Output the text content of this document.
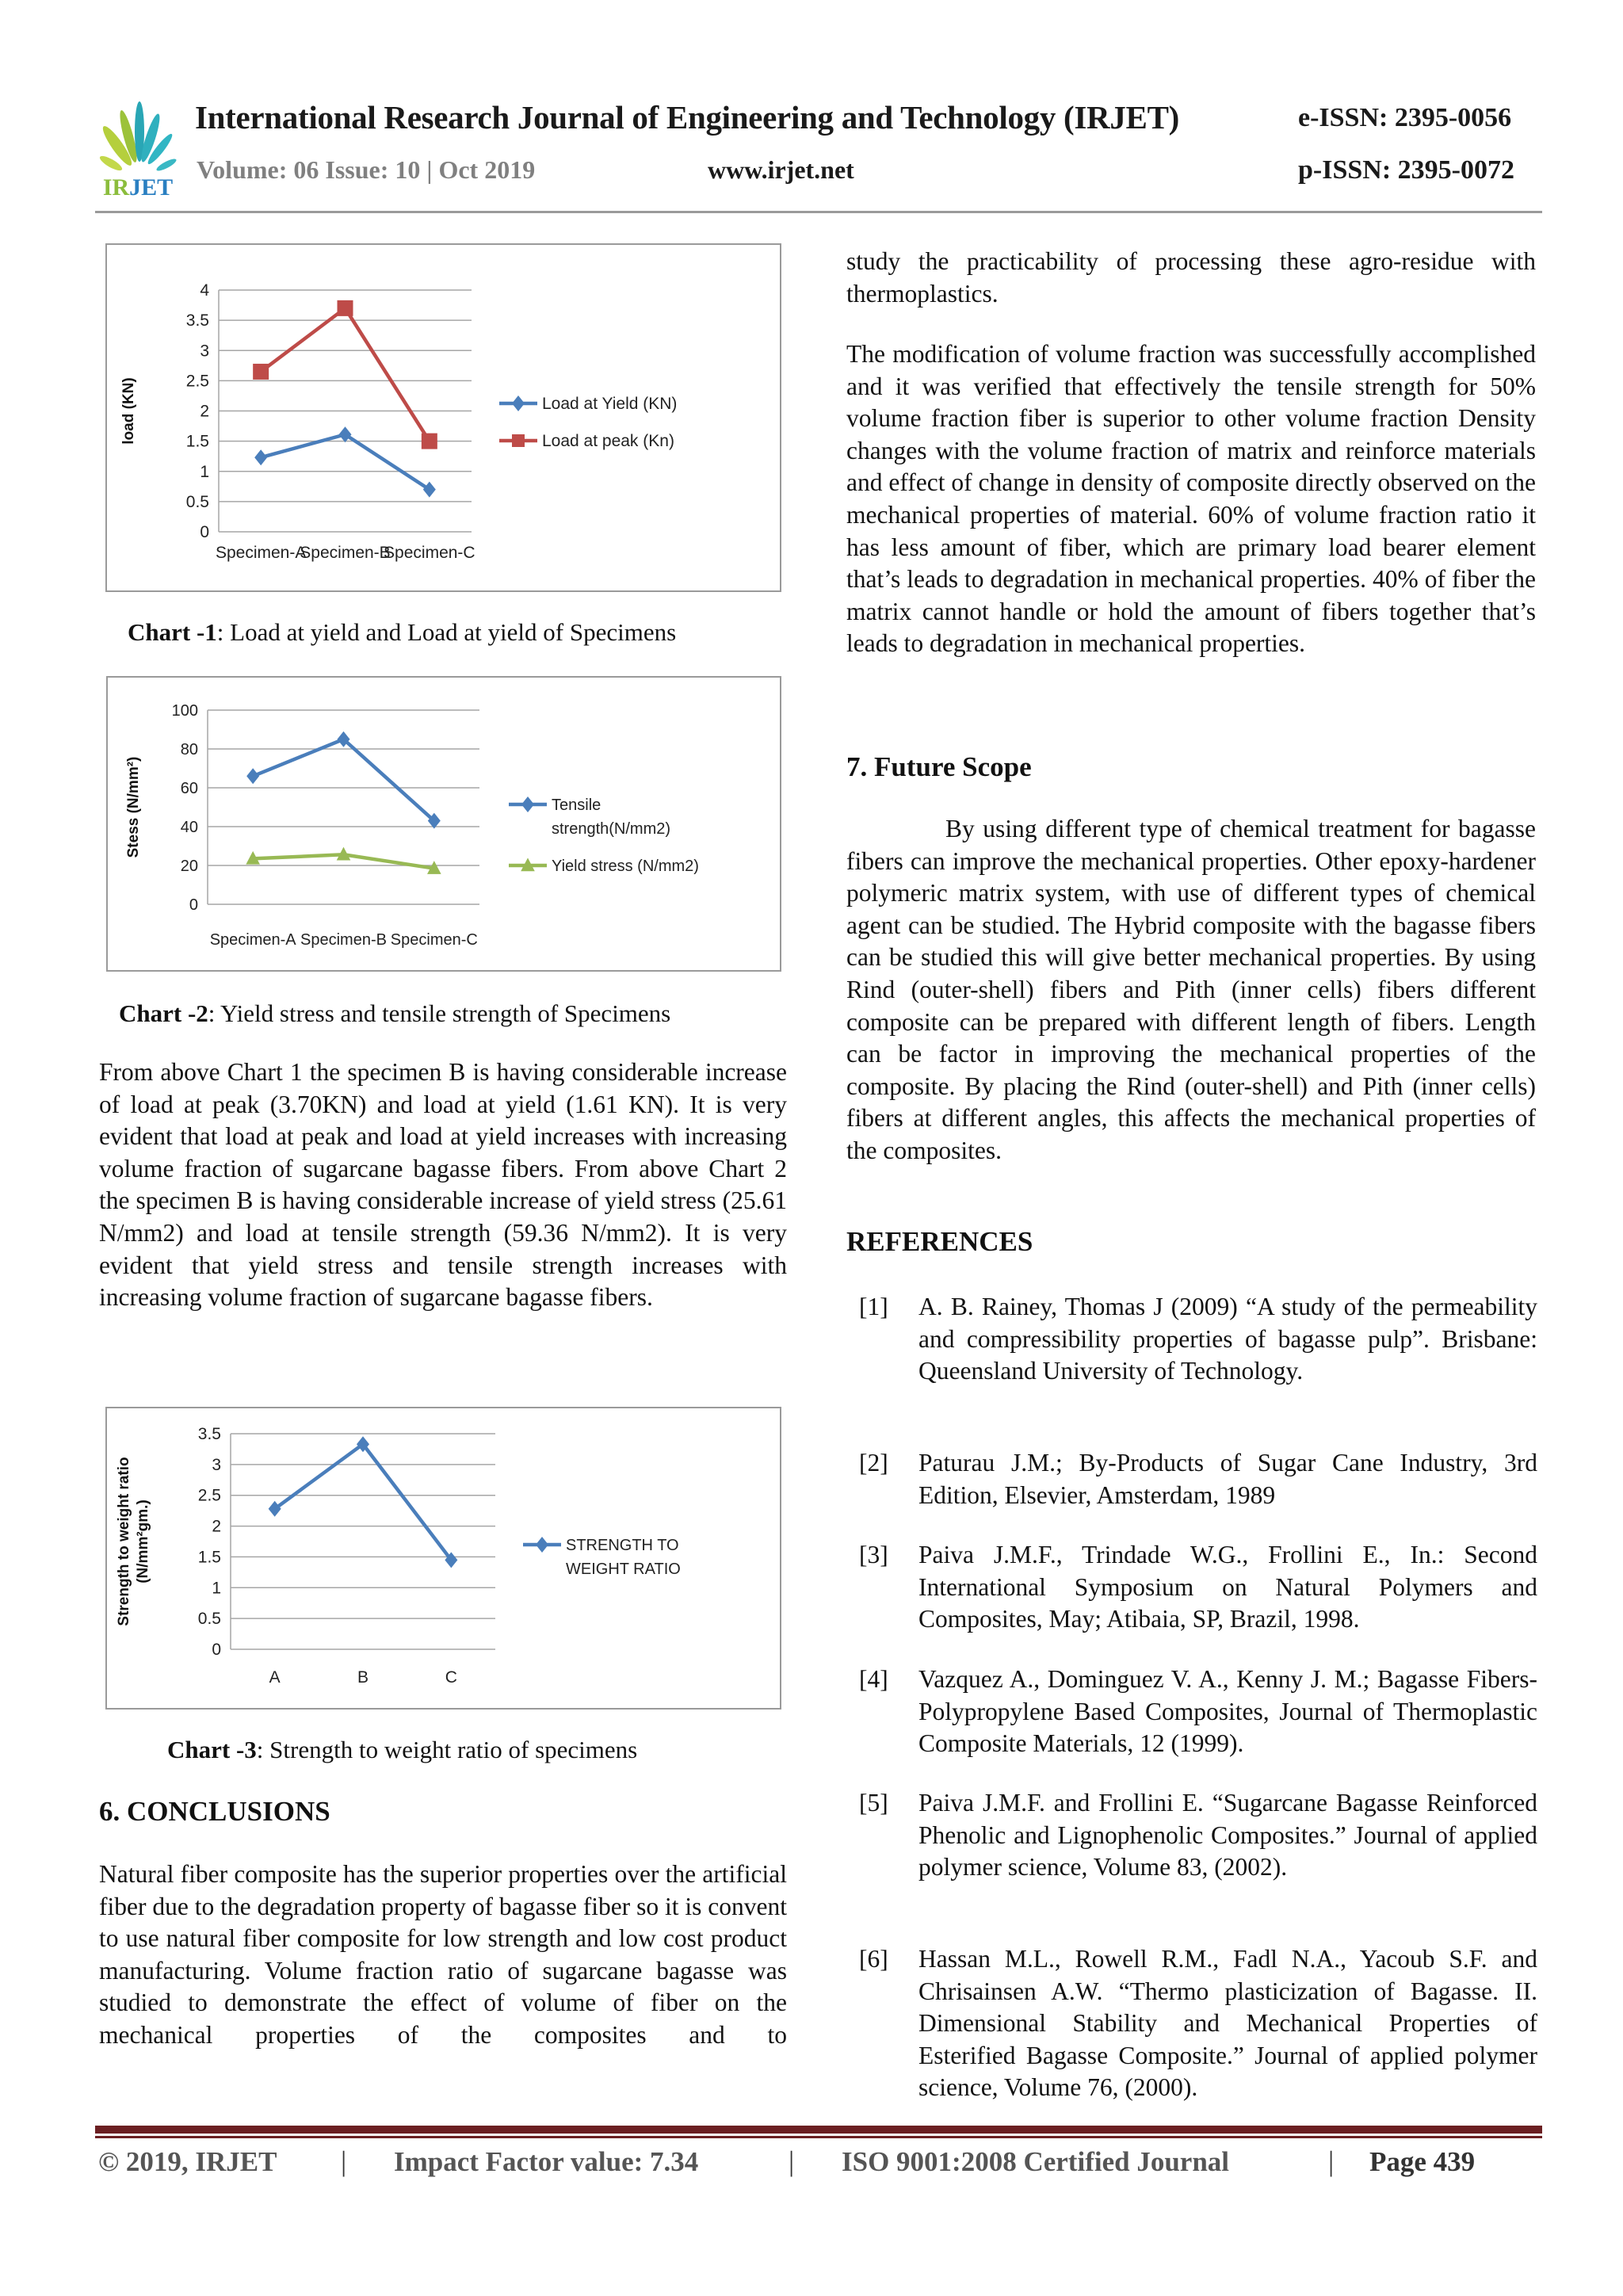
IRJET
International Research Journal of Engineering and Technology (IRJET)	e-ISSN: 2395-0056
Volume: 06 Issue: 10 | Oct 2019	www.irjet.net	p-ISSN: 2395-0072
0
0.5
1
1.5
2
2.5
3
3.5
4
Specimen-A
Specimen-B
Specimen-C
load (KN)	Load at Yield (KN)
Load at peak (Kn)
Chart -1: Load at yield and Load at yield of Specimens
0
20
40
60
80
100
Specimen-A Specimen-B Specimen-C
Stess (N/mm²)	Tensile
strength(N/mm2)
Yield stress (N/mm2)
Chart -2: Yield stress and tensile strength of Specimens

From above Chart 1 the specimen B is having considerable increase of load at peak (3.70KN) and load at yield (1.61 KN). It is very evident that load at peak and load at yield increases with increasing volume fraction of sugarcane bagasse fibers. From above Chart 2 the specimen B is having considerable increase of yield stress (25.61 N/mm2) and load at tensile strength (59.36 N/mm2). It is very evident that yield stress and tensile strength increases with increasing volume fraction of sugarcane bagasse fibers.

0
0.5
1
1.5
2
2.5
3
3.5
A	B	C
Strength to weight ratio (N/mm²gm.)	STRENGTH TO
WEIGHT RATIO
Chart -3: Strength to weight ratio of specimens
6. CONCLUSIONS

Natural fiber composite has the superior properties over the artificial fiber due to the degradation property of bagasse fiber so it is convent to use natural fiber composite for low strength and low cost product manufacturing. Volume fraction ratio of sugarcane bagasse was studied to demonstrate the effect of volume of fiber on the mechanical properties of the composites and to

study the practicability of processing these agro-residue with thermoplastics.

The modification of volume fraction was successfully accomplished and it was verified that effectively the tensile strength for 50% volume fraction fiber is superior to other volume fraction Density changes with the volume fraction of matrix and reinforce materials and effect of change in density of composite directly observed on the mechanical properties of material. 60% of volume fraction ratio it has less amount of fiber, which are primary load bearer element that’s leads to degradation in mechanical properties. 40% of fiber the matrix cannot handle or hold the amount of fibers together that’s leads to degradation in mechanical properties.

7. Future Scope

By using different type of chemical treatment for bagasse fibers can improve the mechanical properties. Other epoxy-hardener polymeric matrix system, with use of different types of chemical agent can be studied. The Hybrid composite with the bagasse fibers can be studied this will give better mechanical properties. By using Rind (outer-shell) fibers and Pith (inner cells) fibers different composite can be prepared with different length of fibers. Length can be factor in improving the mechanical properties of the composite. By placing the Rind (outer-shell) and Pith (inner cells) fibers at different angles, this affects the mechanical properties of the composites.

REFERENCES
[1] A. B. Rainey, Thomas J (2009) “A study of the permeability and compressibility properties of bagasse pulp”. Brisbane: Queensland University of Technology.
[2] Paturau J.M.; By-Products of Sugar Cane Industry, 3rd Edition, Elsevier, Amsterdam, 1989
[3] Paiva J.M.F., Trindade W.G., Frollini E., In.: Second International Symposium on Natural Polymers and Composites, May; Atibaia, SP, Brazil, 1998.
[4] Vazquez A., Dominguez V. A., Kenny J. M.; Bagasse Fibers-Polypropylene Based Composites, Journal of Thermoplastic Composite Materials, 12 (1999).
[5] Paiva J.M.F. and Frollini E. “Sugarcane Bagasse Reinforced Phenolic and Lignophenolic Composites.” Journal of applied polymer science, Volume 83, (2002).
[6] Hassan M.L., Rowell R.M., Fadl N.A., Yacoub S.F. and Chrisainsen A.W. “Thermo plasticization of Bagasse. II. Dimensional Stability and Mechanical Properties of Esterified Bagasse Composite.” Journal of applied polymer science, Volume 76, (2000).
© 2019, IRJET | Impact Factor value: 7.34	| ISO 9001:2008 Certified Journal	| Page 439
